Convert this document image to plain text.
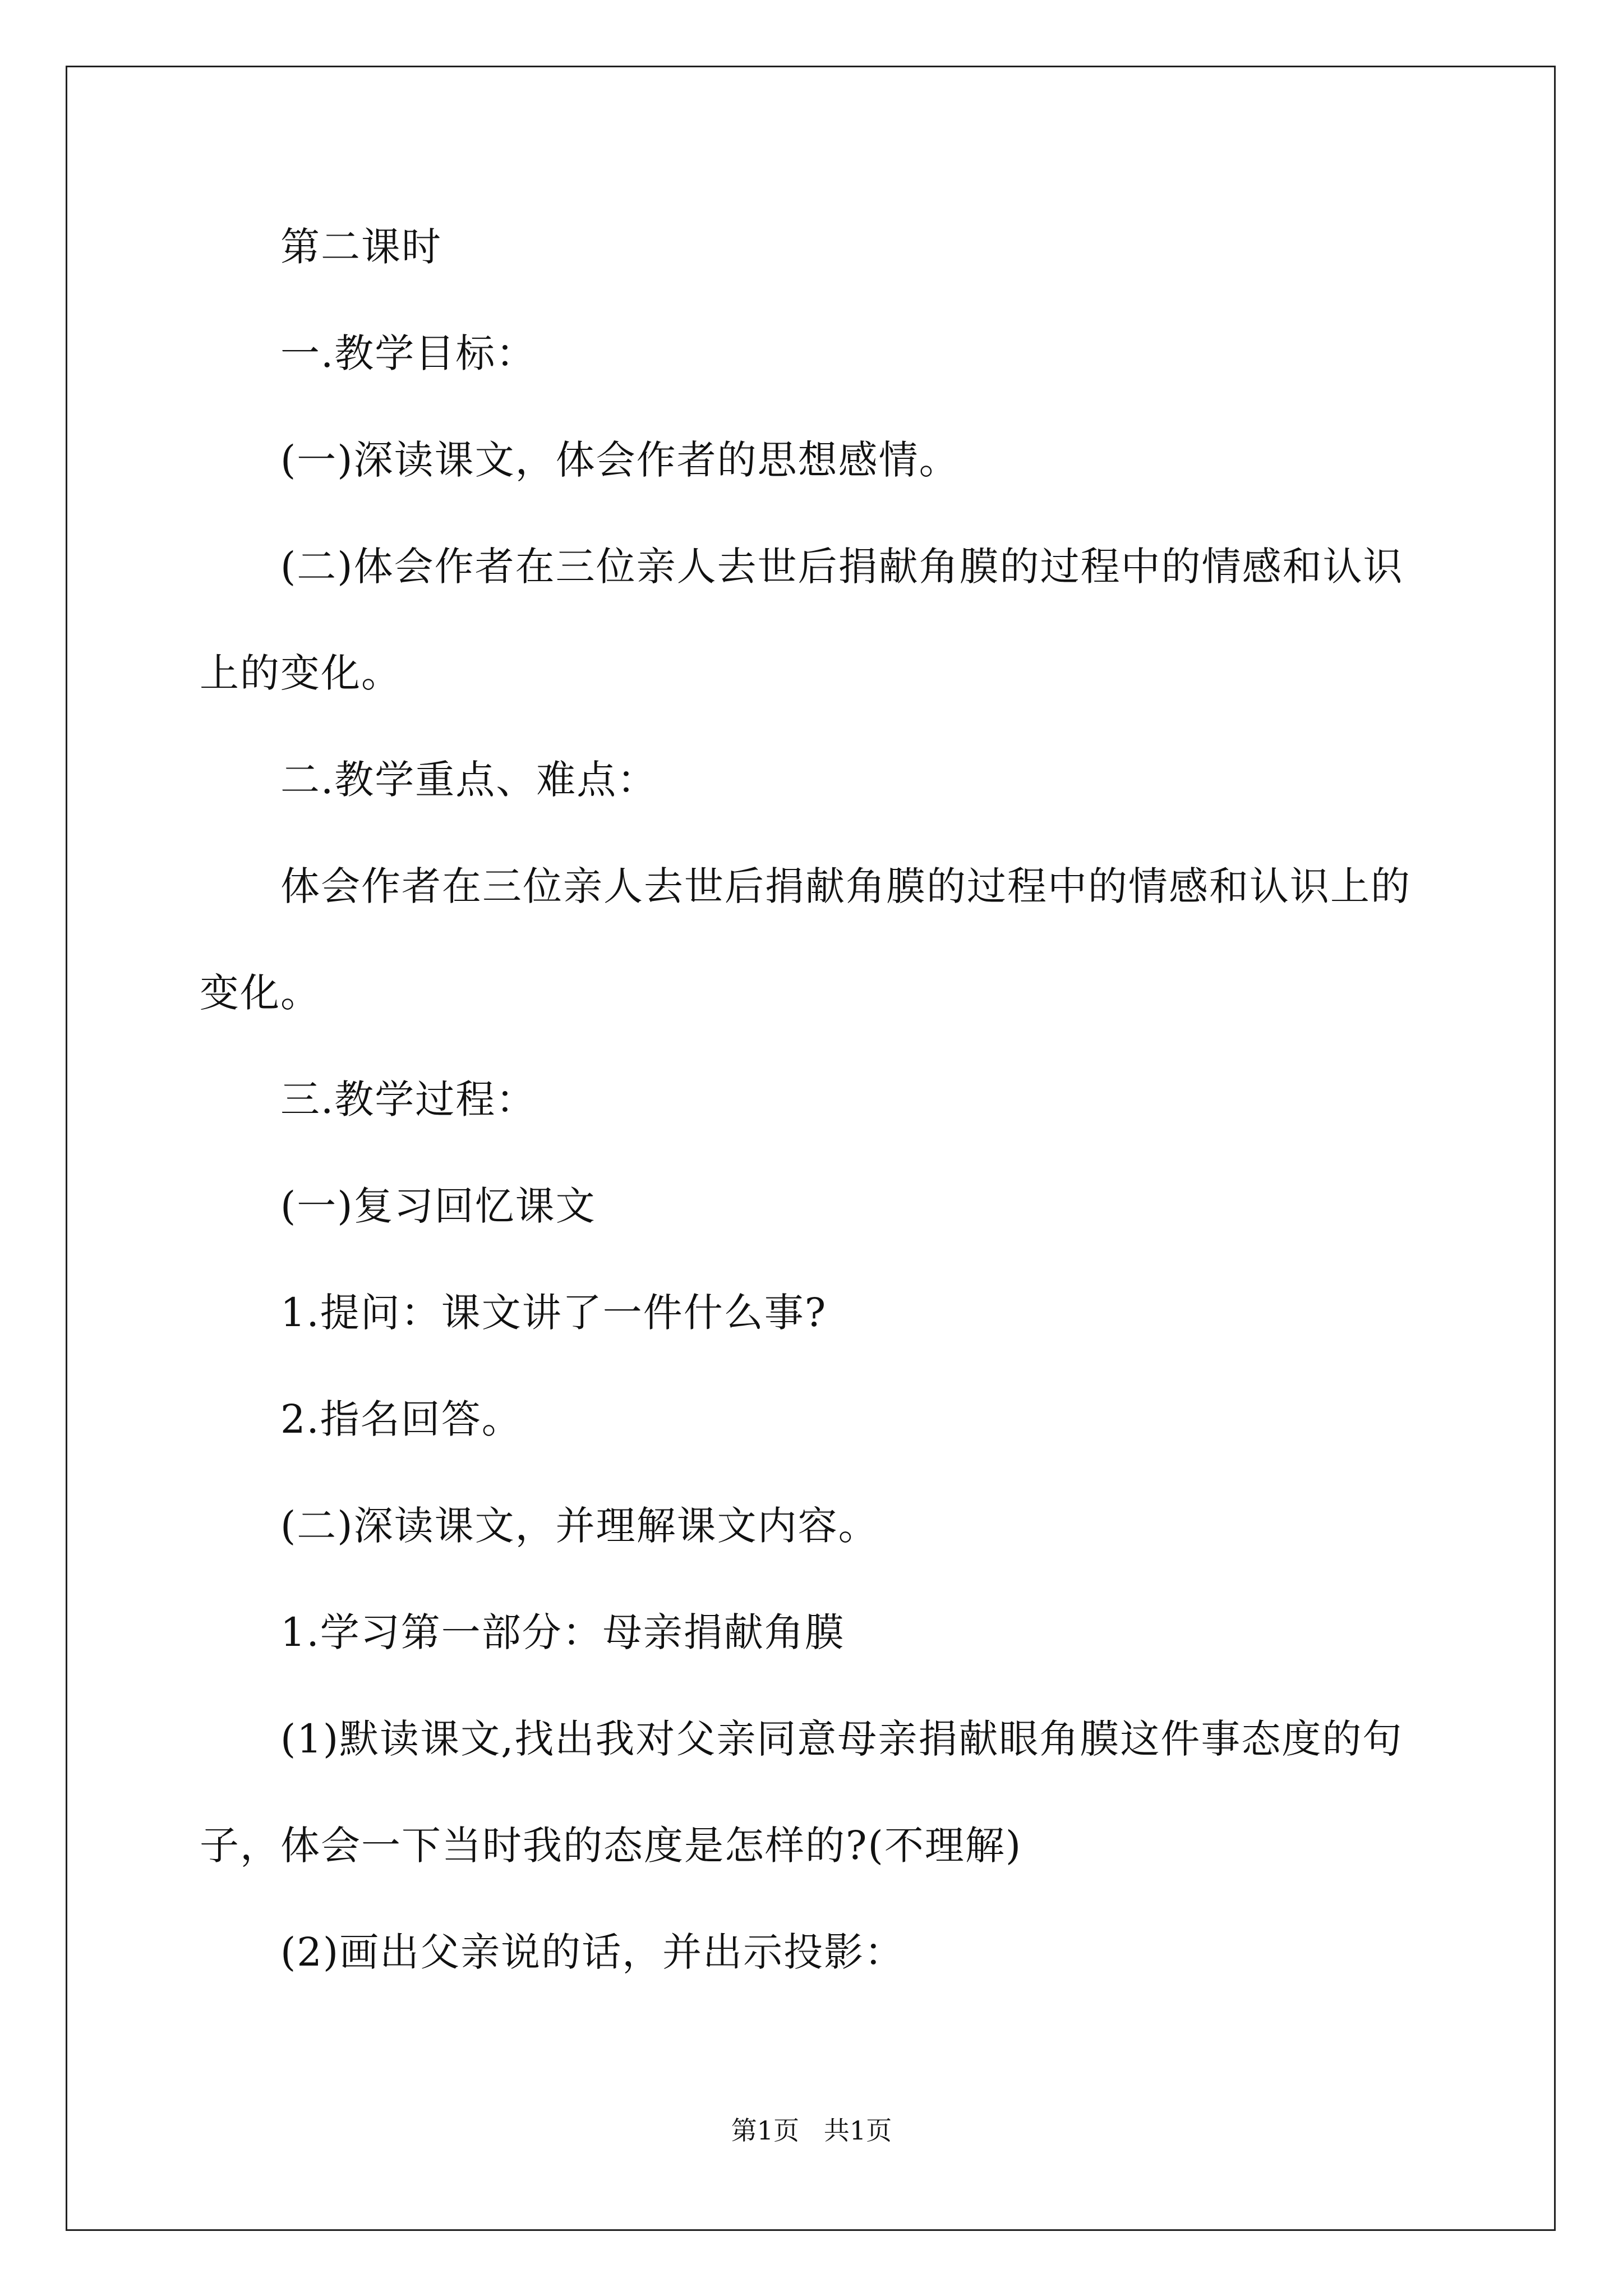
第二课时
一.教学目标：
(一)深读课文，体会作者的思想感情。
(二)体会作者在三位亲人去世后捐献角膜的过程中的情感和认识
上的变化。
二.教学重点、难点：
体会作者在三位亲人去世后捐献角膜的过程中的情感和认识上的
变化。
三.教学过程：
(一)复习回忆课文
1.提问：课文讲了一件什么事?
2.指名回答。
(二)深读课文，并理解课文内容。
1.学习第一部分：母亲捐献角膜
(1)默读课文,找出我对父亲同意母亲捐献眼角膜这件事态度的句
子，体会一下当时我的态度是怎样的?(不理解)
(2)画出父亲说的话，并出示投影：
第1页   共1页
